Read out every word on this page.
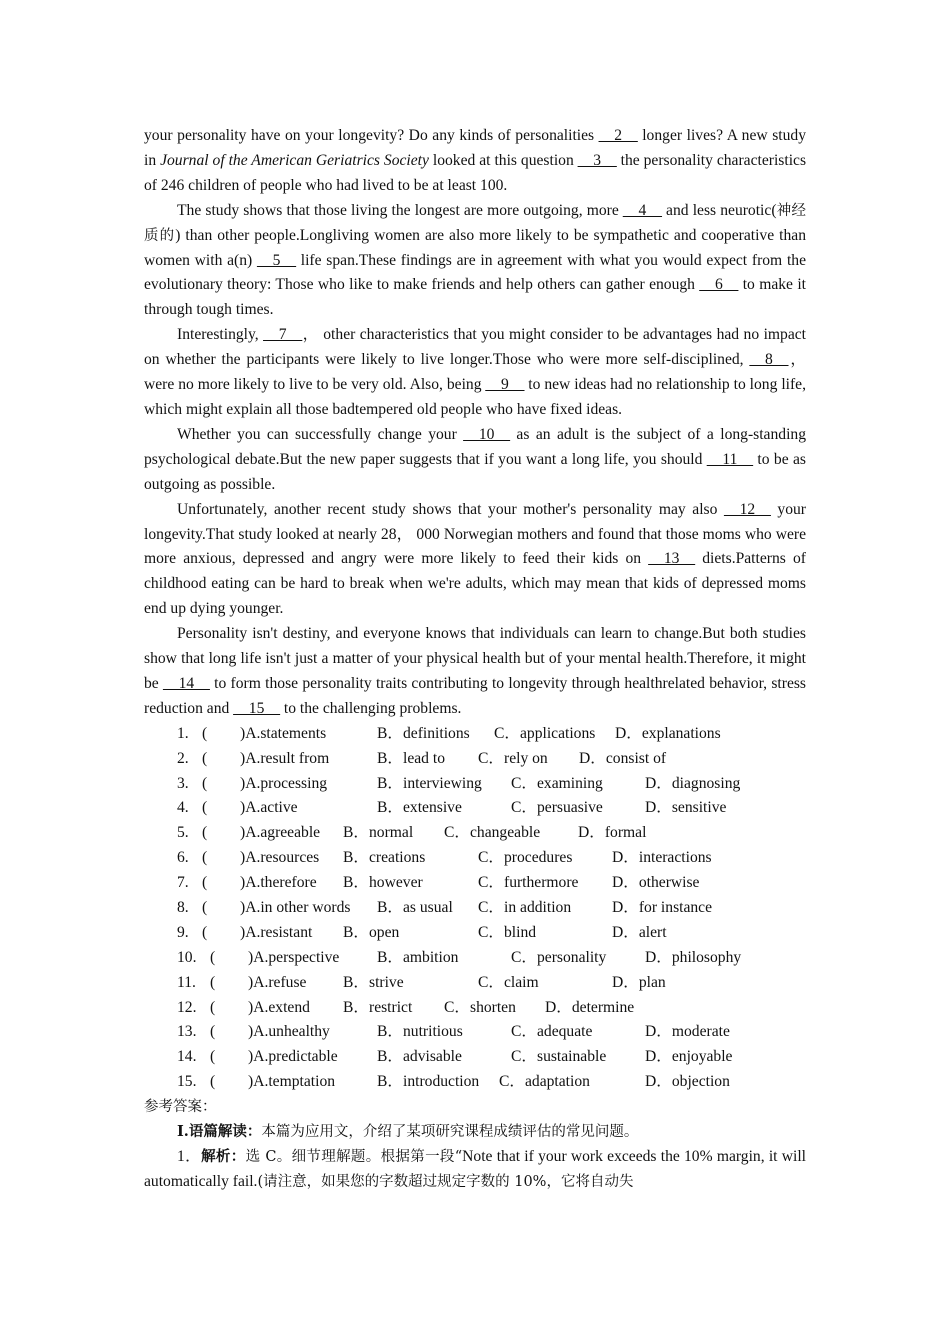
your personality have on your longevity? Do any kinds of personalities __2__ longer lives? A new study in Journal of the American Geriatrics Society looked at this question __3__ the personality characteristics of 246 children of people who had lived to be at least 100.

The study shows that those living the longest are more outgoing, more __4__ and less neurotic(神经质的) than other people.Longliving women are also more likely to be sympathetic and cooperative than women with a(n) __5__ life span.These findings are in agreement with what you would expect from the evolutionary theory: Those who like to make friends and help others can gather enough __6__ to make it through tough times.

Interestingly, __7__， other characteristics that you might consider to be advantages had no impact on whether the participants were likely to live longer.Those who were more self-disciplined, __8__， were no more likely to live to be very old. Also, being __9__ to new ideas had no relationship to long life, which might explain all those badtempered old people who have fixed ideas.

Whether you can successfully change your __10__ as an adult is the subject of a long-standing psychological debate.But the new paper suggests that if you want a long life, you should __11__ to be as outgoing as possible.

Unfortunately, another recent study shows that your mother's personality may also __12__ your longevity.That study looked at nearly 28， 000 Norwegian mothers and found that those moms who were more anxious, depressed and angry were more likely to feed their kids on __13__ diets.Patterns of childhood eating can be hard to break when we're adults, which may mean that kids of depressed moms end up dying younger.

Personality isn't destiny, and everyone knows that individuals can learn to change.But both studies show that long life isn't just a matter of your physical health but of your mental health.Therefore, it might be __14__ to form those personality traits contributing to longevity through healthrelated behavior, stress reduction and __15__ to the challenging problems.

1. ( )A.statements	B．definitions C．applications D．explanations
2. ( )A.result from	B．lead to C．rely on D．consist of
3. ( )A.processing	B．interviewing C．examining	D．diagnosing
4. ( )A.active	B．extensive	C．persuasive	D．sensitive
5. ( )A.agreeable B．normal C．changeable D．formal
6. ( )A.resources B．creations	C．procedures	D．interactions
7. ( )A.therefore B．however	C．furthermore D．otherwise
8. ( )A.in other words B．as usual C．in addition	D．for instance
9. ( )A.resistant B．open	C．blind	D．alert
10. ( )A.perspective B．ambition	C．personality D．philosophy
11. ( )A.refuse B．strive	C．claim	D．plan
12. ( )A.extend B．restrict C．shorten D．determine
13. ( )A.unhealthy	B．nutritious	C．adequate	D．moderate
14. ( )A.predictable	B．advisable	C．sustainable D．enjoyable
15. ( )A.temptation	B．introduction C．adaptation	D．objection

参考答案：

Ⅰ.语篇解读：本篇为应用文，介绍了某项研究课程成绩评估的常见问题。

1．解析：选 C。细节理解题。根据第一段“Note that if your work exceeds the 10% margin, it will automatically fail.(请注意，如果您的字数超过规定字数的 10%，它将自动失
